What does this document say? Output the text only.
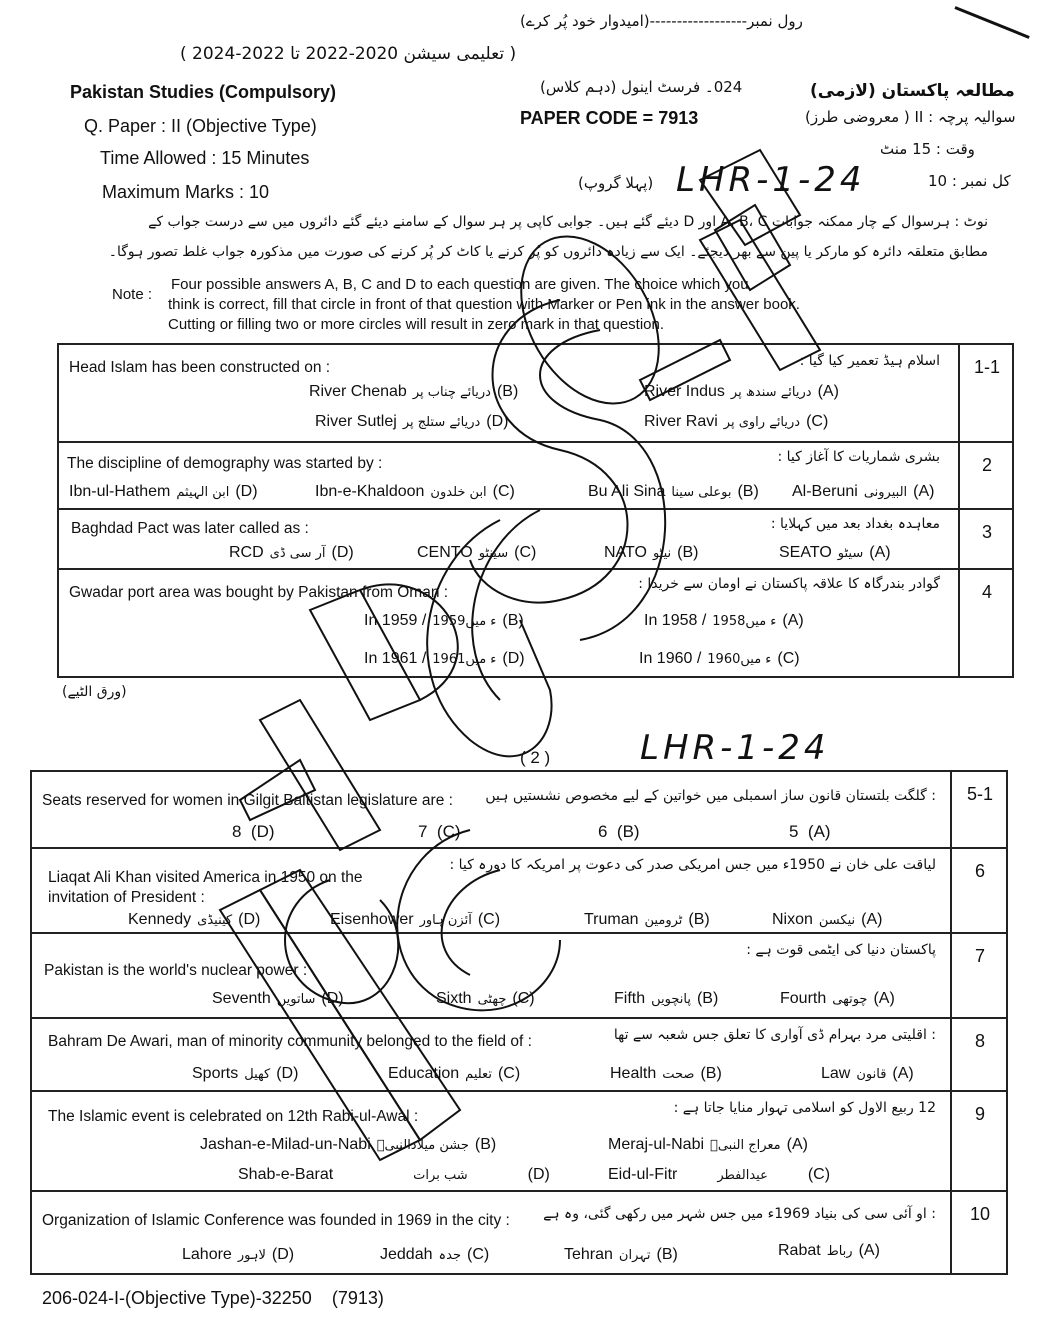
رول نمبر------------------(امیدوار خود پُر کرے)
( تعلیمی سیشن 2020-2022 تا 2022-2024 )
Pakistan Studies (Compulsory)	مطالعہ پاکستان (لازمی)
024۔ فرسٹ اینول (دہم کلاس)
Q. Paper : II (Objective Type)	PAPER CODE = 7913	سوالیہ پرچہ : II ( معروضی طرز)
Time Allowed : 15 Minutes	وقت : 15 منٹ
Maximum Marks : 10	(پہلا گروپ) LHR-1-24	کل نمبر : 10
نوٹ : ہرسوال کے چار ممکنہ جوابات A، B، C اور D دیئے گئے ہیں۔ جوابی کاپی پر ہر سوال کے سامنے دیئے گئے دائروں میں سے درست جواب کے
مطابق متعلقہ دائرہ کو مارکر یا پین سے بھر دیجئے۔ ایک سے زیادہ دائروں کو پُر کرنے یا کاٹ کر پُر کرنے کی صورت میں مذکورہ جواب غلط تصور ہوگا۔
Note :
Four possible answers A, B, C and D to each question are given. The choice which you
think is correct, fill that circle in front of that question with Marker or Pen ink in the answer book.
Cutting or filling two or more circles will result in zero mark in that question.
Head Islam has been constructed on :	اسلام ہیڈ تعمیر کیا گیا :
River Chenab دریائے چناب پر (B)	River Indus دریائے سندھ پر (A)
River Sutlej دریائے ستلج پر (D)	River Ravi دریائے راوی پر (C)
1-1
The discipline of demography was started by :	بشری شماریات کا آغاز کیا :
Ibn-ul-Hathem ابن الہیثم (D)	Ibn-e-Khaldoon ابن خلدون (C)	Bu Ali Sina بوعلی سینا (B) Al-Beruni البیرونی (A)
2
Baghdad Pact was later called as :	معاہدہ بغداد بعد میں کہلایا :
RCD آر سی ڈی (D)	CENTO سینٹو (C)	NATO نیٹو (B)	SEATO سیٹو (A)
3
Gwadar port area was bought by Pakistan from Oman :	گوادر بندرگاہ کا علاقہ پاکستان نے اومان سے خریدا :
In 1959 / 1959ء میں (B)	In 1958 / 1958ء میں (A)
In 1961 / 1961ء میں (D)	In 1960 / 1960ء میں (C)
4
(ورق الٹیے)
( 2 )	LHR-1-24
Seats reserved for women in Gilgit Baltistan legislature are : : گلگت بلتستان قانون ساز اسمبلی میں خواتین کے لیے مخصوص نشستیں ہیں
8 (D)	7 (C)	6 (B)	5 (A)
5-1
Liaqat Ali Khan visited America in 1950 on the
invitation of President :
لیاقت علی خان نے 1950ء میں جس امریکی صدر کی دعوت پر امریکہ کا دورہ کیا :
Kennedy کینیڈی (D)	Eisenhower آئزن ہاور (C)	Truman ٹرومین (B)	Nixon نیکسن (A)
6
Pakistan is the world's nuclear power :
پاکستان دنیا کی ایٹمی قوت ہے :
Seventh ساتویں (D)	Sixth چھٹی (C)	Fifth پانچویں (B)	Fourth چوتھی (A)
7
Bahram De Awari, man of minority community belonged to the field of :	: اقلیتی مرد بہرام ڈی آواری کا تعلق جس شعبہ سے تھا
Sports کھیل (D)	Education تعلیم (C)	Health صحت (B)	Law قانون (A)
8
The Islamic event is celebrated on 12th Rabi-ul-Awal :	12 ربیع الاول کو اسلامی تہوار منایا جاتا ہے :
Jashan-e-Milad-un-Nabi جشن میلادالنبیؐ (B)	Meraj-ul-Nabi معراج النبیؐ (A)
Shab-e-Barat	شب برات	(D)	Eid-ul-Fitr	عیدالفطر	(C)
9
Organization of Islamic Conference was founded in 1969 in the city : : او آئی سی کی بنیاد 1969ء میں جس شہر میں رکھی گئی، وہ ہے
Lahore لاہور (D)	Jeddah جدہ (C)	Tehran تہران (B)	Rabat رباط (A)
10
206-024-I-(Objective Type)-32250 (7913)
